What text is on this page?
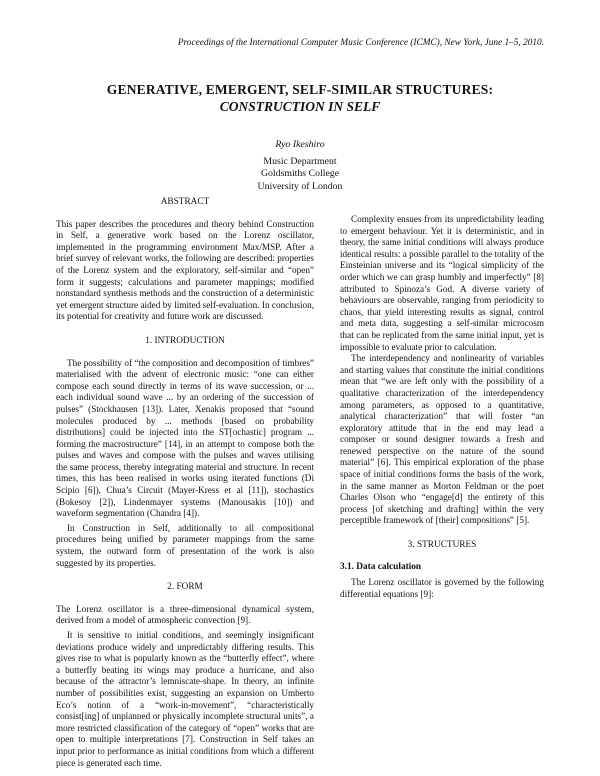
Proceedings of the International Computer Music Conference (ICMC), New York, June 1–5, 2010.
GENERATIVE, EMERGENT, SELF-SIMILAR STRUCTURES:
CONSTRUCTION IN SELF
Ryo Ikeshiro
Music Department
Goldsmiths College
University of London
ABSTRACT

This paper describes the procedures and theory behind Construction in Self, a generative work based on the Lorenz oscillator, implemented in the programming environment Max/MSP. After a brief survey of relevant works, the following are described: properties of the Lorenz system and the exploratory, self-similar and “open” form it suggests; calculations and parameter mappings; modified nonstandard synthesis methods and the construction of a deterministic yet emergent structure aided by limited self-evaluation. In conclusion, its potential for creativity and future work are discussed.

1. INTRODUCTION

The possibility of “the composition and decomposition of timbres” materialised with the advent of electronic music: “one can either compose each sound directly in terms of its wave succession, or ... each individual sound wave ... by an ordering of the succession of pulses” (Stockhausen [13]). Later, Xenakis proposed that “sound molecules produced by ... methods [based on probability distributions] could be injected into the ST[ochastic] program ... forming the macrostructure” [14], in an attempt to compose both the pulses and waves and compose with the pulses and waves utilising the same process, thereby integrating material and structure. In recent times, this has been realised in works using iterated functions (Di Scipio [6]), Chua’s Circuit (Mayer-Kress et al [11]), stochastics (Bokesoy [2]), Lindenmayer systems (Manousakis [10]) and waveform segmentation (Chandra [4]).

In Construction in Self, additionally to all compositional procedures being unified by parameter mappings from the same system, the outward form of presentation of the work is also suggested by its properties.

2. FORM

The Lorenz oscillator is a three-dimensional dynamical system, derived from a model of atmospheric convection [9].

It is sensitive to initial conditions, and seemingly insignificant deviations produce widely and unpredictably differing results. This gives rise to what is popularly known as the “butterfly effect”, where a butterfly beating its wings may produce a hurricane, and also because of the attractor’s lemniscate-shape. In theory, an infinite number of possibilities exist, suggesting an expansion on Umberto Eco’s notion of a “work-in-movement”, “characteristically consist[ing] of unplanned or physically incomplete structural units”, a more restricted classification of the category of “open” works that are open to multiple interpretations [7]. Construction in Self takes an input prior to performance as initial conditions from which a different piece is generated each time.

Complexity ensues from its unpredictability leading to emergent behaviour. Yet it is deterministic, and in theory, the same initial conditions will always produce identical results: a possible parallel to the totality of the Einsteinian universe and its “logical simplicity of the order which we can grasp humbly and imperfectly” [8] attributed to Spinoza’s God. A diverse variety of behaviours are observable, ranging from periodicity to chaos, that yield interesting results as signal, control and meta data, suggesting a self-similar microcosm that can be replicated from the same initial input, yet is impossible to evaluate prior to calculation.

The interdependency and nonlinearity of variables and starting values that constitute the initial conditions mean that “we are left only with the possibility of a qualitative characterization of the interdependency among parameters, as opposed to a quantitative, analytical characterization” that will foster “an exploratory attitude that in the end may lead a composer or sound designer towards a fresh and renewed perspective on the nature of the sound material” [6]. This empirical exploration of the phase space of initial conditions forms the basis of the work, in the same manner as Morton Feldman or the poet Charles Olson who “engage[d] the entirety of this process [of sketching and drafting] within the very perceptible framework of [their] compositions” [5].

3. STRUCTURES
3.1. Data calculation

The Lorenz oscillator is governed by the following differential equations [9]:
